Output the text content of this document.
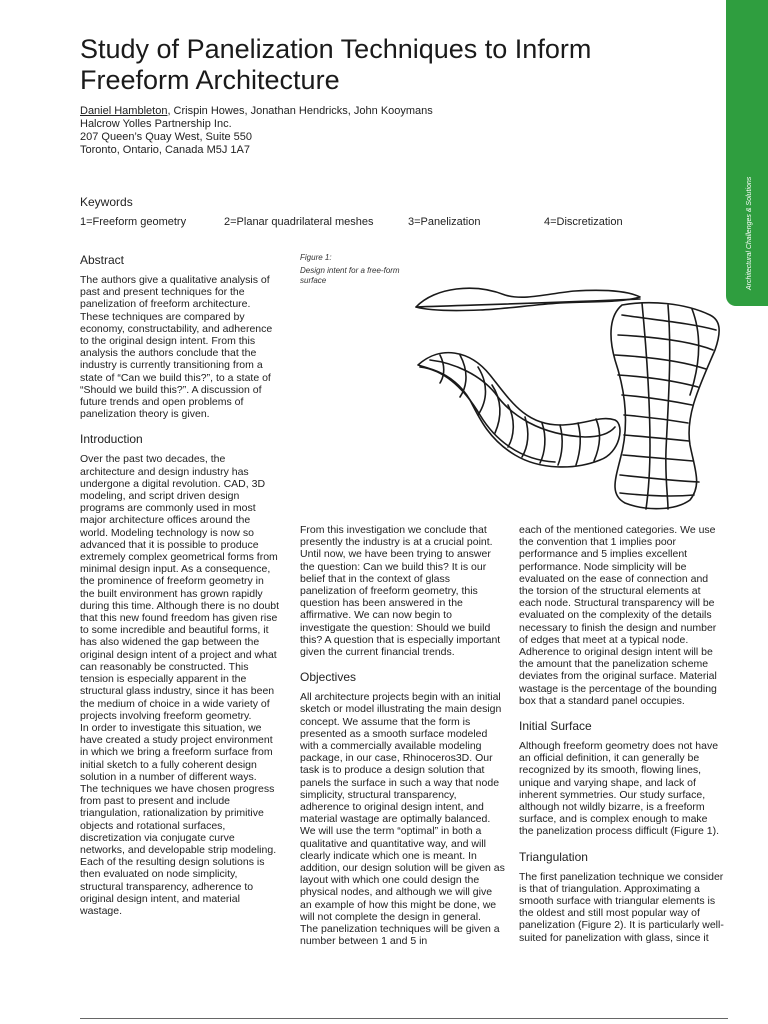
Study of Panelization Techniques to Inform Freeform Architecture
Daniel Hambleton, Crispin Howes, Jonathan Hendricks, John Kooymans
Halcrow Yolles Partnership Inc.
207 Queen’s Quay West, Suite 550
Toronto, Ontario, Canada M5J 1A7
Keywords
1=Freeform geometry	2=Planar quadrilateral meshes	3=Panelization	4=Discretization	Architectural Challenges & Solutions
Abstract

The authors give a qualitative analysis of past and present techniques for the panelization of freeform architecture. These techniques are compared by economy, constructability, and adherence to the original design intent. From this analysis the authors conclude that the industry is currently transitioning from a state of “Can we build this?”, to a state of “Should we build this?”. A discussion of future trends and open problems of panelization theory is given.

Introduction

Over the past two decades, the architecture and design industry has undergone a digital revolution. CAD, 3D modeling, and script driven design programs are commonly used in most major architecture offices around the world. Modeling technology is now so advanced that it is possible to produce extremely complex geometrical forms from minimal design input. As a consequence, the prominence of freeform geometry in the built environment has grown rapidly during this time. Although there is no doubt that this new found freedom has given rise to some incredible and beautiful forms, it has also widened the gap between the original design intent of a project and what can reasonably be constructed. This tension is especially apparent in the structural glass industry, since it has been the medium of choice in a wide variety of projects involving freeform geometry.
In order to investigate this situation, we have created a study project environment in which we bring a freeform surface from initial sketch to a fully coherent design solution in a number of different ways.
The techniques we have chosen progress from past to present and include triangulation, rationalization by primitive objects and rotational surfaces, discretization via conjugate curve networks, and developable strip modeling. Each of the resulting design solutions is then evaluated on node simplicity, structural transparency, adherence to original design intent, and material wastage.

Figure 1:
Design intent for a free-form surface

From this investigation we conclude that presently the industry is at a crucial point. Until now, we have been trying to answer the question: Can we build this? It is our belief that in the context of glass panelization of freeform geometry, this question has been answered in the affirmative. We can now begin to investigate the question: Should we build this? A question that is especially important given the current financial trends.

Objectives

All architecture projects begin with an initial sketch or model illustrating the main design concept. We assume that the form is presented as a smooth surface modeled with a commercially available modeling package, in our case, Rhinoceros3D. Our task is to produce a design solution that panels the surface in such a way that node simplicity, structural transparency, adherence to original design intent, and material wastage are optimally balanced. We will use the term “optimal” in both a qualitative and quantitative way, and will clearly indicate which one is meant. In addition, our design solution will be given as layout with which one could design the physical nodes, and although we will give an example of how this might be done, we will not complete the design in general.
The panelization techniques will be given a number between 1 and 5 in

each of the mentioned categories. We use the convention that 1 implies poor performance and 5 implies excellent performance. Node simplicity will be evaluated on the ease of connection and the torsion of the structural elements at each node. Structural transparency will be evaluated on the complexity of the details necessary to finish the design and number of edges that meet at a typical node. Adherence to original design intent will be the amount that the panelization scheme deviates from the original surface. Material wastage is the percentage of the bounding box that a standard panel occupies.

Initial Surface

Although freeform geometry does not have an official definition, it can generally be recognized by its smooth, flowing lines, unique and varying shape, and lack of inherent symmetries. Our study surface, although not wildly bizarre, is a freeform surface, and is complex enough to make the panelization process difficult (Figure 1).

Triangulation

The first panelization technique we consider is that of triangulation. Approximating a smooth surface with triangular elements is the oldest and still most popular way of panelization (Figure 2). It is particularly well-suited for panelization with glass, since it
